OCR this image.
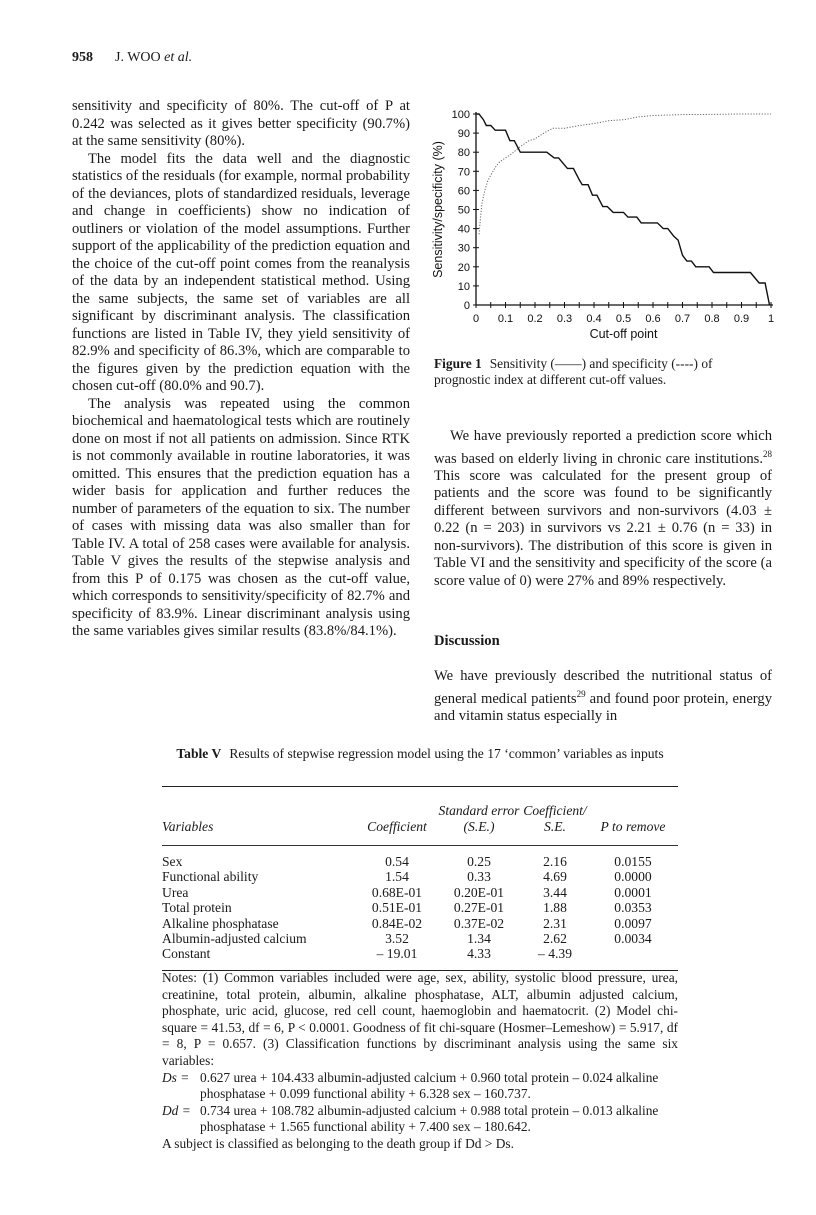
958 J. WOO et al.

sensitivity and specificity of 80%. The cut-off of P at 0.242 was selected as it gives better specificity (90.7%) at the same sensitivity (80%).

The model fits the data well and the diagnostic statistics of the residuals (for example, normal probability of the deviances, plots of standardized residuals, leverage and change in coefficients) show no indication of outliners or violation of the model assumptions. Further support of the applicability of the prediction equation and the choice of the cut-off point comes from the reanalysis of the data by an independent statistical method. Using the same subjects, the same set of variables are all significant by discriminant analysis. The classification functions are listed in Table IV, they yield sensitivity of 82.9% and specificity of 86.3%, which are comparable to the figures given by the prediction equation with the chosen cut-off (80.0% and 90.7).

The analysis was repeated using the common biochemical and haematological tests which are routinely done on most if not all patients on admission. Since RTK is not commonly available in routine laboratories, it was omitted. This ensures that the prediction equation has a wider basis for application and further reduces the number of parameters of the equation to six. The number of cases with missing data was also smaller than for Table IV. A total of 258 cases were available for analysis. Table V gives the results of the stepwise analysis and from this P of 0.175 was chosen as the cut-off value, which corresponds to sensitivity/specificity of 82.7% and specificity of 83.9%. Linear discriminant analysis using the same variables gives similar results (83.8%/84.1%).

0
10
20
30
40
50
60
70
80
90
100
0 0.1 0.2 0.3 0.4 0.5 0.6 0.7 0.8 0.9 1
Cut-off point
Sensitivity/specificity (%)
Figure 1 Sensitivity (——) and specificity (----) of prognostic index at different cut-off values.

We have previously reported a prediction score which was based on elderly living in chronic care institutions.$^{28}$ This score was calculated for the present group of patients and the score was found to be significantly different between survivors and non-survivors (4.03 ± 0.22 (n = 203) in survivors vs 2.21 ± 0.76 (n = 33) in non-survivors). The distribution of this score is given in Table VI and the sensitivity and specificity of the score (a score value of 0) were 27% and 89% respectively.

Discussion

We have previously described the nutritional status of general medical patients$^{29}$ and found poor protein, energy and vitamin status especially in

Table V Results of stepwise regression model using the 17 ‘common’ variables as inputs
Variables	Coefficient	Standard error (S.E.)	Coefficient/ S.E.	P to remove
Sex	0.54	0.25	2.16	0.0155
Functional ability	1.54	0.33	4.69	0.0000
Urea	0.68E-01	0.20E-01	3.44	0.0001
Total protein	0.51E-01	0.27E-01	1.88	0.0353
Alkaline phosphatase	0.84E-02	0.37E-02	2.31	0.0097
Albumin-adjusted calcium	3.52	1.34	2.62	0.0034
Constant	– 19.01	4.33	– 4.39	

Notes: (1) Common variables included were age, sex, ability, systolic blood pressure, urea, creatinine, total protein, albumin, alkaline phosphatase, ALT, albumin adjusted calcium, phosphate, uric acid, glucose, red cell count, haemoglobin and haematocrit. (2) Model chi-square = 41.53, df = 6, P < 0.0001. Goodness of fit chi-square (Hosmer–Lemeshow) = 5.917, df = 8, P = 0.657. (3) Classification functions by discriminant analysis using the same six variables:

Ds = 0.627 urea + 104.433 albumin-adjusted calcium + 0.960 total protein – 0.024 alkaline phosphatase + 0.099 functional ability + 6.328 sex – 160.737.
Dd = 0.734 urea + 108.782 albumin-adjusted calcium + 0.988 total protein – 0.013 alkaline phosphatase + 1.565 functional ability + 7.400 sex – 180.642.

A subject is classified as belonging to the death group if Dd > Ds.
